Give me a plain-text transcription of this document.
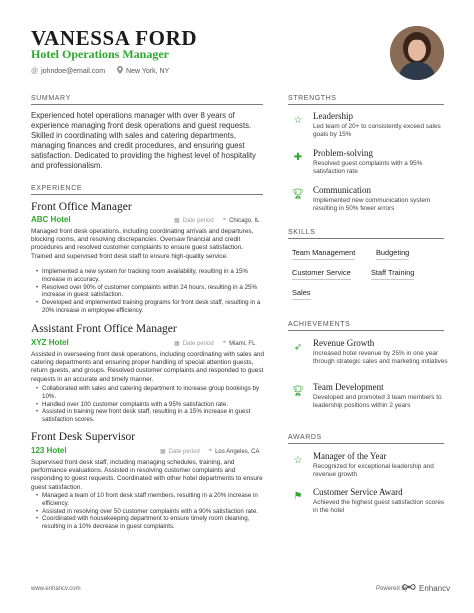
VANESSA FORD
Hotel Operations Manager
@ johndoe@email.com	New York, NY
SUMMARY
Experienced hotel operations manager with over 8 years of experience managing front desk operations and guest requests. Skilled in coordinating with sales and catering departments, managing finances and credit procedures, and ensuring guest satisfaction. Dedicated to providing the highest level of hospitality and professionalism.
EXPERIENCE
Front Office Manager
ABC Hotel	▦ Date period ⌖ Chicago, IL
Managed front desk operations, including coordinating arrivals and departures, blocking rooms, and resolving discrepancies. Oversaw financial and credit procedures and resolved customer complaints to ensure guest satisfaction. Trained and supervised front desk staff to ensure high-quality service.
• Implemented a new system for tracking room availability, resulting in a 15% increase in accuracy.
• Resolved over 90% of customer complaints within 24 hours, resulting in a 25% increase in guest satisfaction.
• Developed and implemented training programs for front desk staff, resulting in a 20% increase in employee efficiency.
Assistant Front Office Manager
XYZ Hotel	▦ Date period ⌖ Miami, FL
Assisted in overseeing front desk operations, including coordinating with sales and catering departments and ensuring proper handling of special attention guests, return guests, and groups. Resolved customer complaints and responded to guest requests in an accurate and timely manner.
• Collaborated with sales and catering department to increase group bookings by 10%.
• Handled over 100 customer complaints with a 95% satisfaction rate.
• Assisted in training new front desk staff, resulting in a 15% increase in guest satisfaction scores.
Front Desk Supervisor
123 Hotel	▦ Date period ⌖ Los Angeles, CA
Supervised front desk staff, including managing schedules, training, and performance evaluations. Assisted in resolving customer complaints and responding to guest requests. Coordinated with other hotel departments to ensure guest satisfaction.
• Managed a team of 10 front desk staff members, resulting in a 20% increase in efficiency.
• Assisted in resolving over 50 customer complaints with a 90% satisfaction rate.
• Coordinated with housekeeping department to ensure timely room cleaning, resulting in a 10% decrease in guest complaints.
STRENGTHS
☆	Leadership
Led team of 20+ to consistently exceed sales goals by 15%
✚	Problem-solving
Resolved guest complaints with a 95% satisfaction rate
🏆︎ Communication
Implemented new communication system resulting in 50% fewer errors
SKILLS
Team Management	Budgeting
Customer Service	Staff Training
Sales
ACHIEVEMENTS
➶	Revenue Growth
Increased hotel revenue by 25% in one year through strategic sales and marketing initiatives
🏆︎ Team Development
Developed and promoted 3 team members to leadership positions within 2 years
AWARDS
☆	Manager of the Year
Recognized for exceptional leadership and revenue growth
⚑	Customer Service Award
Achieved the highest guest satisfaction scores in the hotel
www.enhancv.com	Powered by Enhancv
